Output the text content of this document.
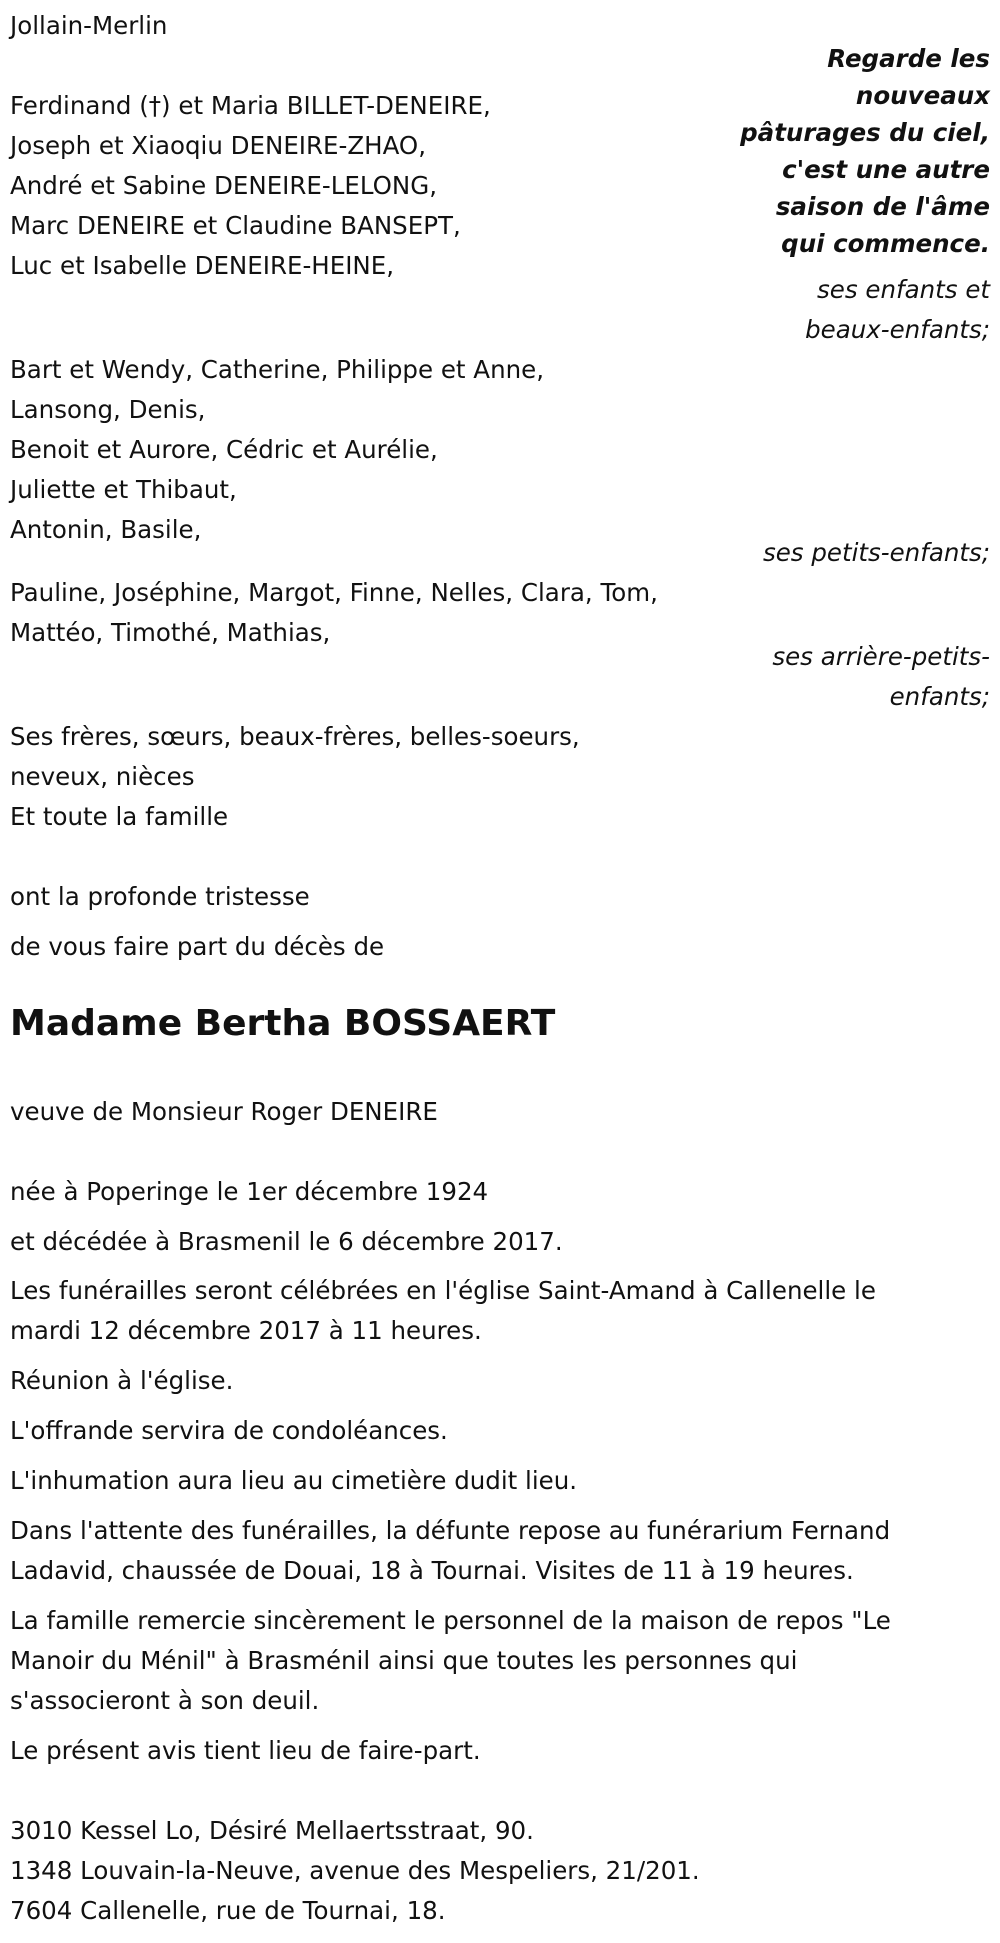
Jollain-Merlin
Regarde les
nouveaux
pâturages du ciel,
c'est une autre
saison de l'âme
qui commence.
Ferdinand (†) et Maria BILLET-DENEIRE,
Joseph et Xiaoqiu DENEIRE-ZHAO,
André et Sabine DENEIRE-LELONG,
Marc DENEIRE et Claudine BANSEPT,
Luc et Isabelle DENEIRE-HEINE,
ses enfants et
beaux-enfants;
Bart et Wendy, Catherine, Philippe et Anne,
Lansong, Denis,
Benoit et Aurore, Cédric et Aurélie,
Juliette et Thibaut,
Antonin, Basile,
ses petits-enfants;
Pauline, Joséphine, Margot, Finne, Nelles, Clara, Tom,
Mattéo, Timothé, Mathias,
ses arrière-petits-
enfants;
Ses frères, sœurs, beaux-frères, belles-soeurs,
neveux, nièces
Et toute la famille
ont la profonde tristesse
de vous faire part du décès de
Madame Bertha BOSSAERT
veuve de Monsieur Roger DENEIRE
née à Poperinge le 1er décembre 1924
et décédée à Brasmenil le 6 décembre 2017.
Les funérailles seront célébrées en l'église Saint-Amand à Callenelle le
mardi 12 décembre 2017 à 11 heures.
Réunion à l'église.
L'offrande servira de condoléances.
L'inhumation aura lieu au cimetière dudit lieu.
Dans l'attente des funérailles, la défunte repose au funérarium Fernand
Ladavid, chaussée de Douai, 18 à Tournai. Visites de 11 à 19 heures.
La famille remercie sincèrement le personnel de la maison de repos "Le
Manoir du Ménil" à Brasménil ainsi que toutes les personnes qui
s'associeront à son deuil.
Le présent avis tient lieu de faire-part.
3010 Kessel Lo, Désiré Mellaertsstraat, 90.
1348 Louvain-la-Neuve, avenue des Mespeliers, 21/201.
7604 Callenelle, rue de Tournai, 18.
